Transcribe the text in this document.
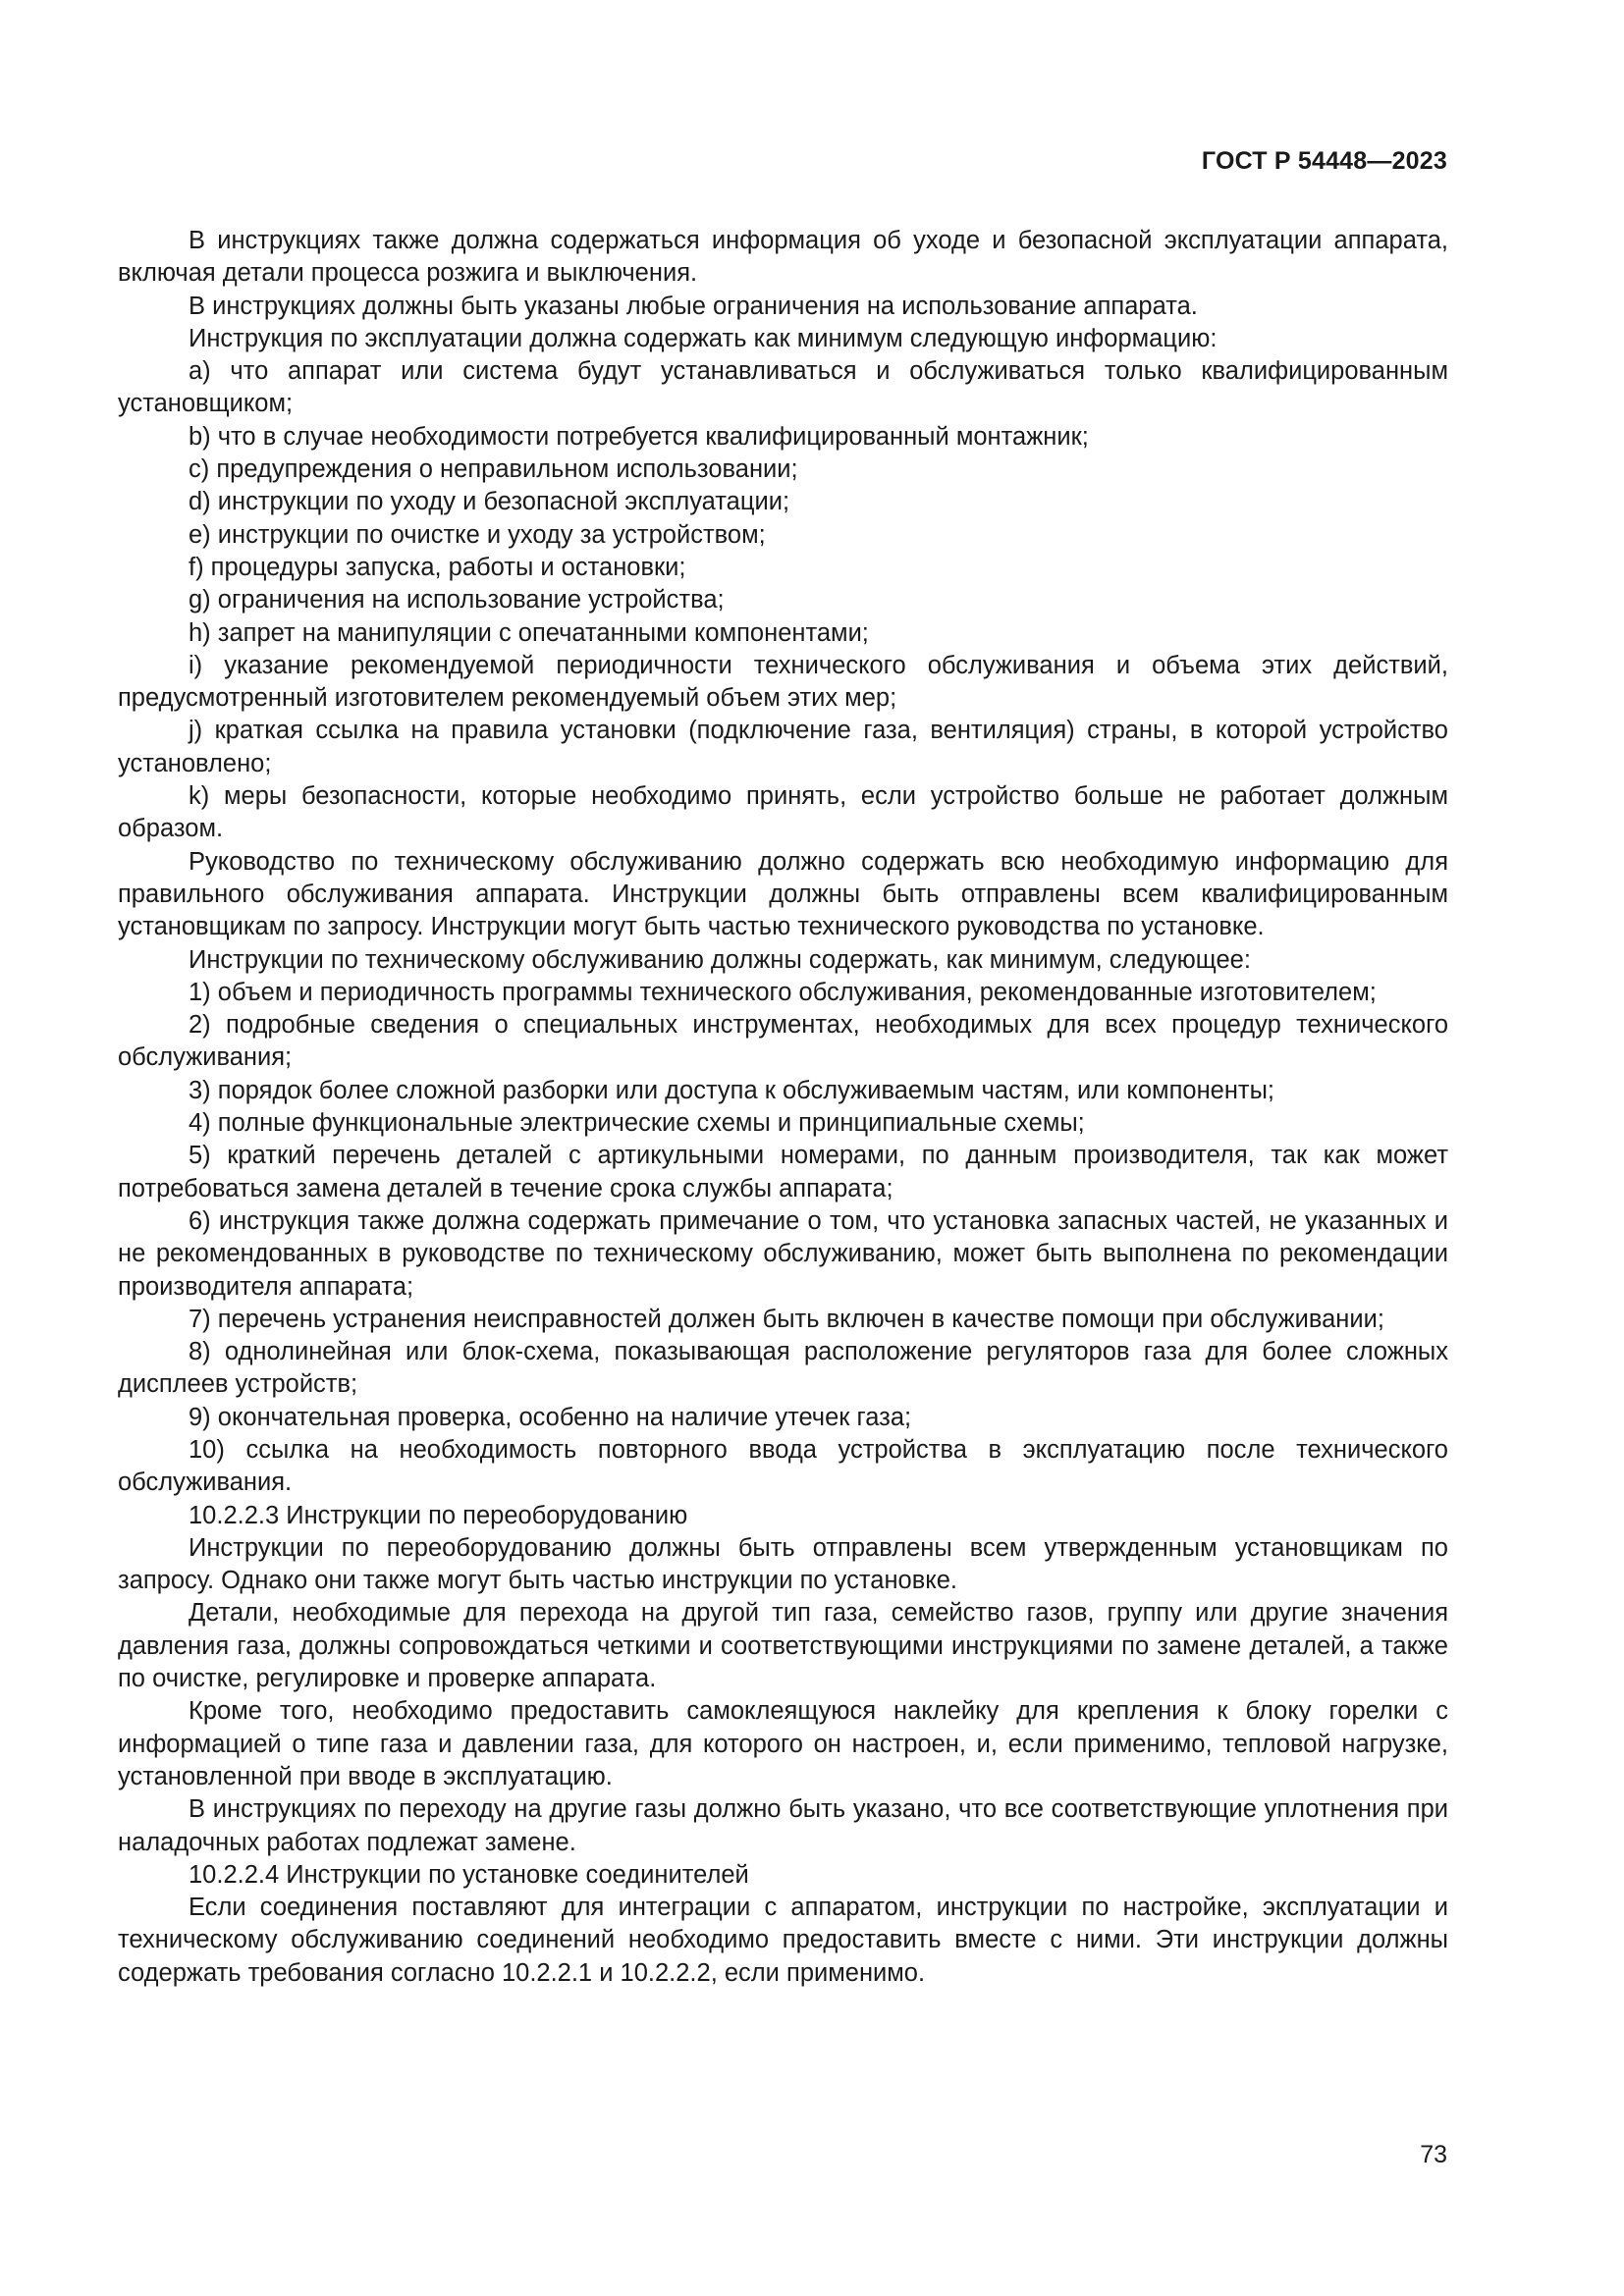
ГОСТ Р 54448—2023

В инструкциях также должна содержаться информация об уходе и безопасной эксплуатации аппарата, включая детали процесса розжига и выключения.

В инструкциях должны быть указаны любые ограничения на использование аппарата.

Инструкция по эксплуатации должна содержать как минимум следующую информацию:

а) что аппарат или система будут устанавливаться и обслуживаться только квалифицированным установщиком;

b) что в случае необходимости потребуется квалифицированный монтажник;

с) предупреждения о неправильном использовании;

d) инструкции по уходу и безопасной эксплуатации;

e) инструкции по очистке и уходу за устройством;

f) процедуры запуска, работы и остановки;

g) ограничения на использование устройства;

h) запрет на манипуляции с опечатанными компонентами;

i) указание рекомендуемой периодичности технического обслуживания и объема этих действий, предусмотренный изготовителем рекомендуемый объем этих мер;

j) краткая ссылка на правила установки (подключение газа, вентиляция) страны, в которой устройство установлено;

k) меры безопасности, которые необходимо принять, если устройство больше не работает должным образом.

Руководство по техническому обслуживанию должно содержать всю необходимую информацию для правильного обслуживания аппарата. Инструкции должны быть отправлены всем квалифицированным установщикам по запросу. Инструкции могут быть частью технического руководства по установке.

Инструкции по техническому обслуживанию должны содержать, как минимум, следующее:

1) объем и периодичность программы технического обслуживания, рекомендованные изготовителем;

2) подробные сведения о специальных инструментах, необходимых для всех процедур технического обслуживания;

3) порядок более сложной разборки или доступа к обслуживаемым частям, или компоненты;

4) полные функциональные электрические схемы и принципиальные схемы;

5) краткий перечень деталей с артикульными номерами, по данным производителя, так как может потребоваться замена деталей в течение срока службы аппарата;

6) инструкция также должна содержать примечание о том, что установка запасных частей, не указанных и не рекомендованных в руководстве по техническому обслуживанию, может быть выполнена по рекомендации производителя аппарата;

7) перечень устранения неисправностей должен быть включен в качестве помощи при обслуживании;

8) однолинейная или блок-схема, показывающая расположение регуляторов газа для более сложных дисплеев устройств;

9) окончательная проверка, особенно на наличие утечек газа;

10) ссылка на необходимость повторного ввода устройства в эксплуатацию после технического обслуживания.

10.2.2.3 Инструкции по переоборудованию

Инструкции по переоборудованию должны быть отправлены всем утвержденным установщикам по запросу. Однако они также могут быть частью инструкции по установке.

Детали, необходимые для перехода на другой тип газа, семейство газов, группу или другие значения давления газа, должны сопровождаться четкими и соответствующими инструкциями по замене деталей, а также по очистке, регулировке и проверке аппарата.

Кроме того, необходимо предоставить самоклеящуюся наклейку для крепления к блоку горелки с информацией о типе газа и давлении газа, для которого он настроен, и, если применимо, тепловой нагрузке, установленной при вводе в эксплуатацию.

В инструкциях по переходу на другие газы должно быть указано, что все соответствующие уплотнения при наладочных работах подлежат замене.

10.2.2.4 Инструкции по установке соединителей

Если соединения поставляют для интеграции с аппаратом, инструкции по настройке, эксплуатации и техническому обслуживанию соединений необходимо предоставить вместе с ними. Эти инструкции должны содержать требования согласно 10.2.2.1 и 10.2.2.2, если применимо.

73
